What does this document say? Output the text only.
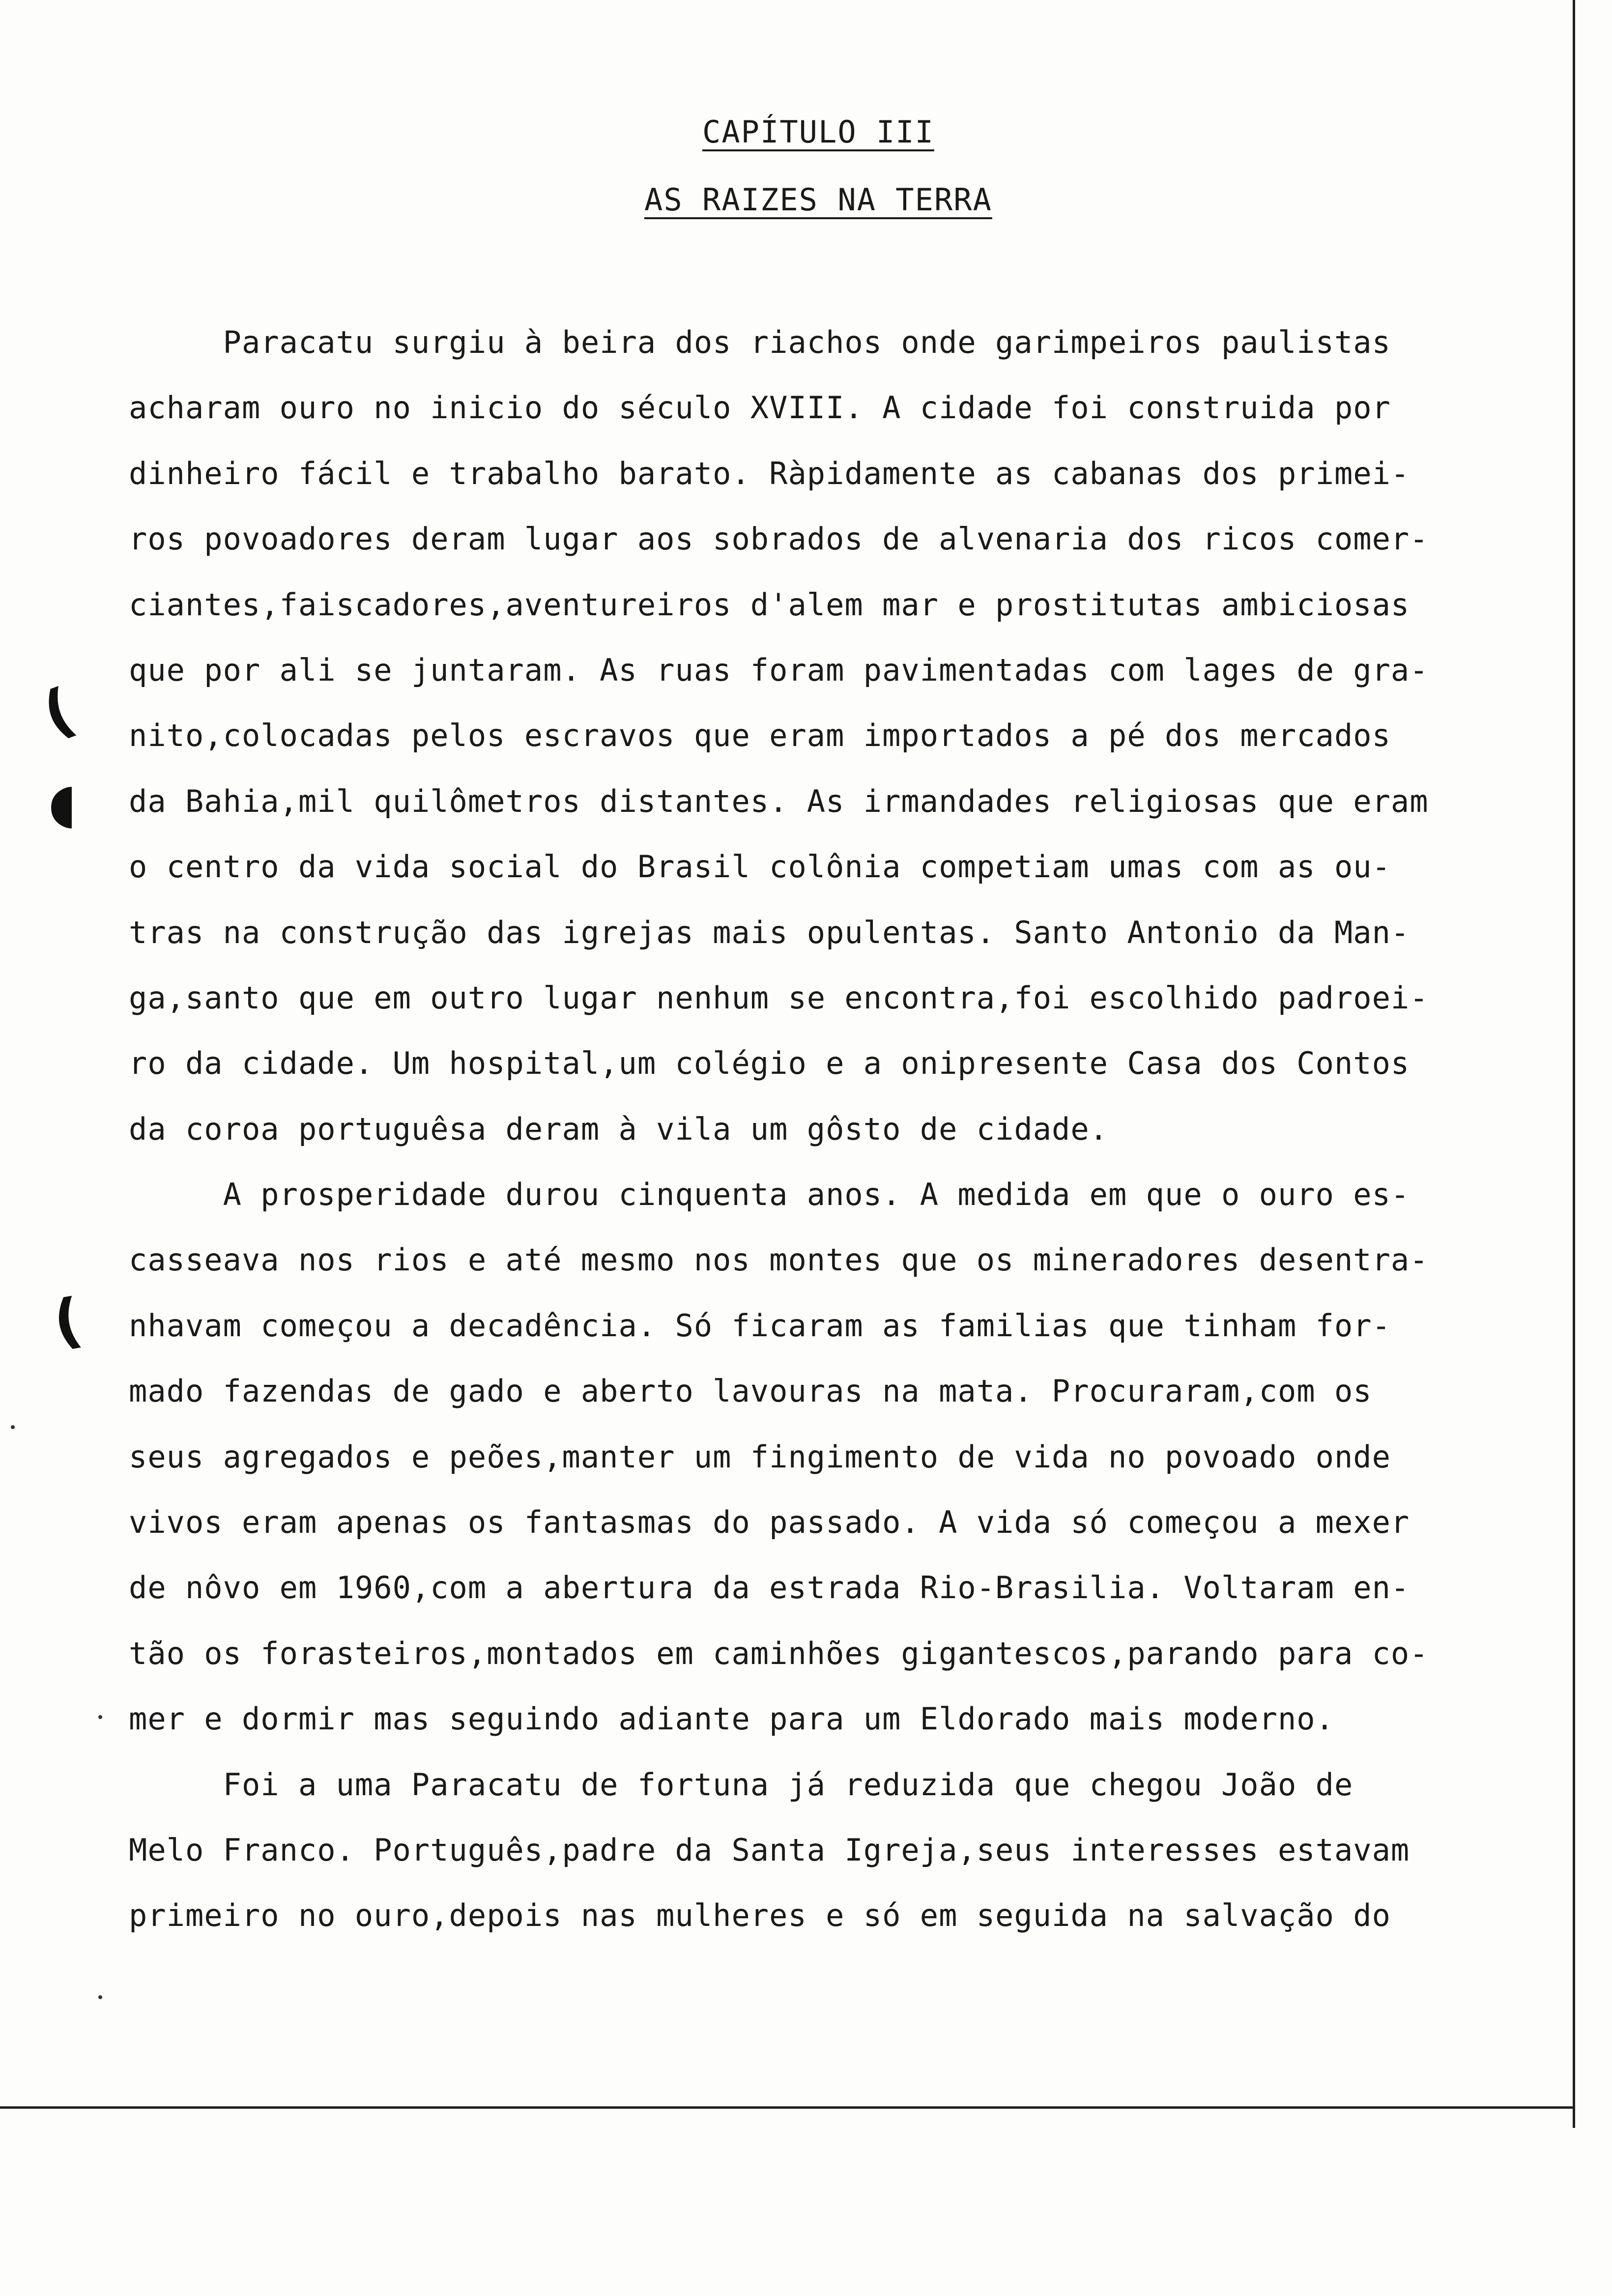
CAPÍTULO III
AS RAIZES NA TERRA
Paracatu surgiu à beira dos riachos onde garimpeiros paulistas
acharam ouro no inicio do século XVIII. A cidade foi construida por
dinheiro fácil e trabalho barato. Ràpidamente as cabanas dos primei-
ros povoadores deram lugar aos sobrados de alvenaria dos ricos comer-
ciantes,faiscadores,aventureiros d'alem mar e prostitutas ambiciosas
que por ali se juntaram. As ruas foram pavimentadas com lages de gra-
nito,colocadas pelos escravos que eram importados a pé dos mercados
da Bahia,mil quilômetros distantes. As irmandades religiosas que eram
o centro da vida social do Brasil colônia competiam umas com as ou-
tras na construção das igrejas mais opulentas. Santo Antonio da Man-
ga,santo que em outro lugar nenhum se encontra,foi escolhido padroei-
ro da cidade. Um hospital,um colégio e a onipresente Casa dos Contos
da coroa portuguêsa deram à vila um gôsto de cidade.
A prosperidade durou cinquenta anos. A medida em que o ouro es-
casseava nos rios e até mesmo nos montes que os mineradores desentra-
nhavam começou a decadência. Só ficaram as familias que tinham for-
mado fazendas de gado e aberto lavouras na mata. Procuraram,com os
seus agregados e peões,manter um fingimento de vida no povoado onde
vivos eram apenas os fantasmas do passado. A vida só começou a mexer
de nôvo em 1960,com a abertura da estrada Rio-Brasilia. Voltaram en-
tão os forasteiros,montados em caminhões gigantescos,parando para co-
mer e dormir mas seguindo adiante para um Eldorado mais moderno.
Foi a uma Paracatu de fortuna já reduzida que chegou João de
Melo Franco. Português,padre da Santa Igreja,seus interesses estavam
primeiro no ouro,depois nas mulheres e só em seguida na salvação do
(
◖
(
